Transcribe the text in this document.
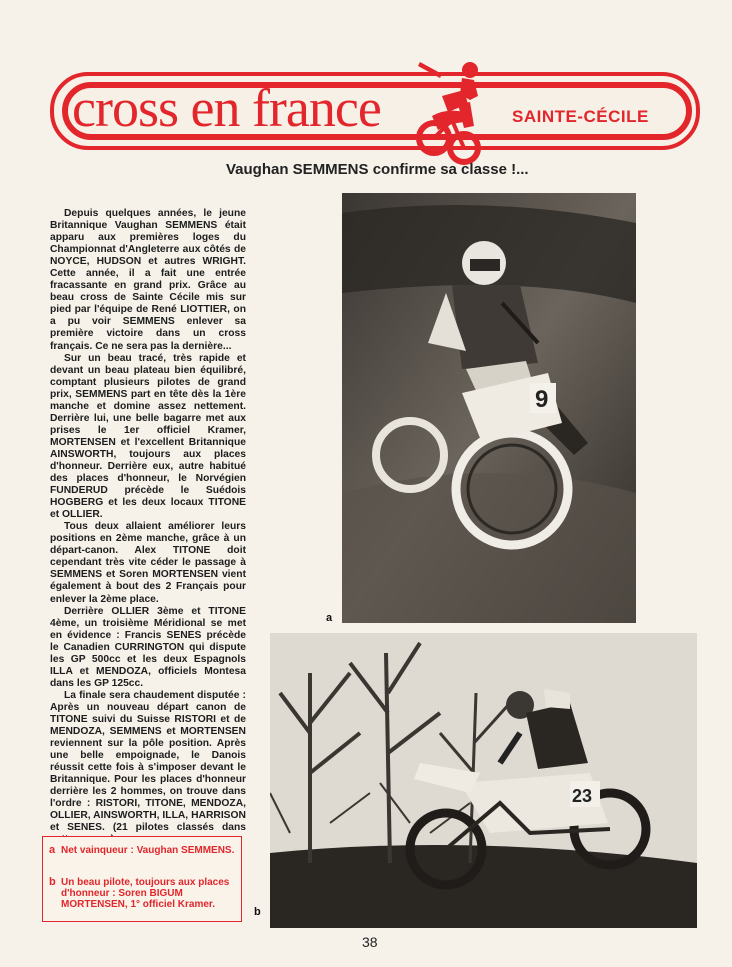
cross en france	SAINTE-CÉCILE
Vaughan SEMMENS confirme sa classe !...

Depuis quelques années, le jeune Britannique Vaughan SEMMENS était apparu aux premières loges du Championnat d'Angleterre aux côtés de NOYCE, HUDSON et autres WRIGHT. Cette année, il a fait une entrée fracassante en grand prix. Grâce au beau cross de Sainte Cécile mis sur pied par l'équipe de René LIOTTIER, on a pu voir SEMMENS enlever sa première victoire dans un cross français. Ce ne sera pas la dernière...

Sur un beau tracé, très rapide et devant un beau plateau bien équilibré, comptant plusieurs pilotes de grand prix, SEMMENS part en tête dès la 1ère manche et domine assez nettement. Derrière lui, une belle bagarre met aux prises le 1er officiel Kramer, MORTENSEN et l'excellent Britannique AINSWORTH, toujours aux places d'honneur. Derrière eux, autre habitué des places d'honneur, le Norvégien FUNDERUD précède le Suédois HOGBERG et les deux locaux TITONE et OLLIER.

Tous deux allaient améliorer leurs positions en 2ème manche, grâce à un départ-canon. Alex TITONE doit cependant très vite céder le passage à SEMMENS et Soren MORTENSEN vient également à bout des 2 Français pour enlever la 2ème place.

Derrière OLLIER 3ème et TITONE 4ème, un troisième Méridional se met en évidence : Francis SENES précède le Canadien CURRINGTON qui dispute les GP 500cc et les deux Espagnols ILLA et MENDOZA, officiels Montesa dans les GP 125cc.

La finale sera chaudement disputée : Après un nouveau départ canon de TITONE suivi du Suisse RISTORI et de MENDOZA, SEMMENS et MORTENSEN reviennent sur la pôle position. Après une belle empoignade, le Danois réussit cette fois à s'imposer devant le Britannique. Pour les places d'honneur derrière les 2 hommes, on trouve dans l'ordre : RISTORI, TITONE, MENDOZA, OLLIER, AINSWORTH, ILLA, HARRISON et SENES. (21 pilotes classés dans

9
a
23
b
a Net vainqueur : Vaughan SEMMENS.
b Un beau pilote, toujours aux places d'honneur : Soren BIGUM MORTENSEN, 1° officiel Kramer.
38
